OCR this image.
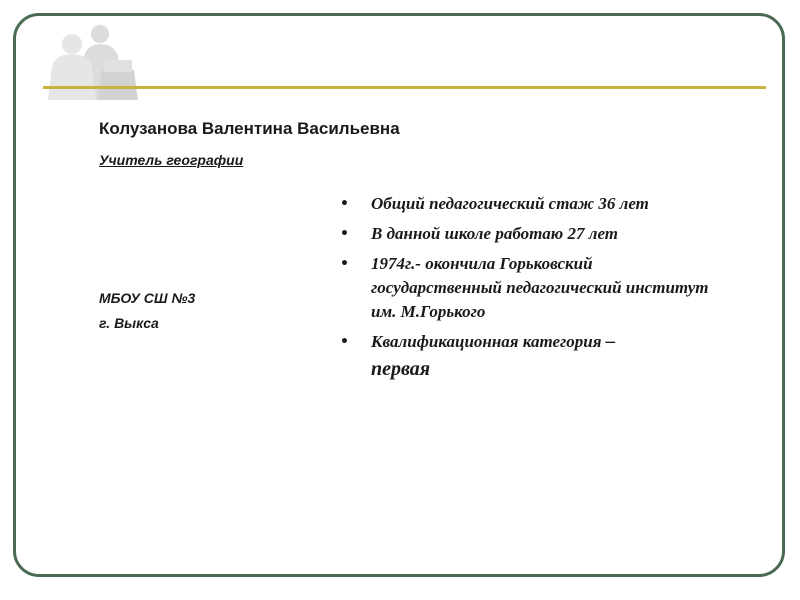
Колузанова Валентина Васильевна
Учитель географии
МБОУ СШ №3
г. Выкса
• Общий педагогический стаж 36 лет
• В данной школе работаю 27 лет
• 1974г.- окончила Горьковский государственный педагогический институт им. М.Горького
• Квалификационная категория –
первая
